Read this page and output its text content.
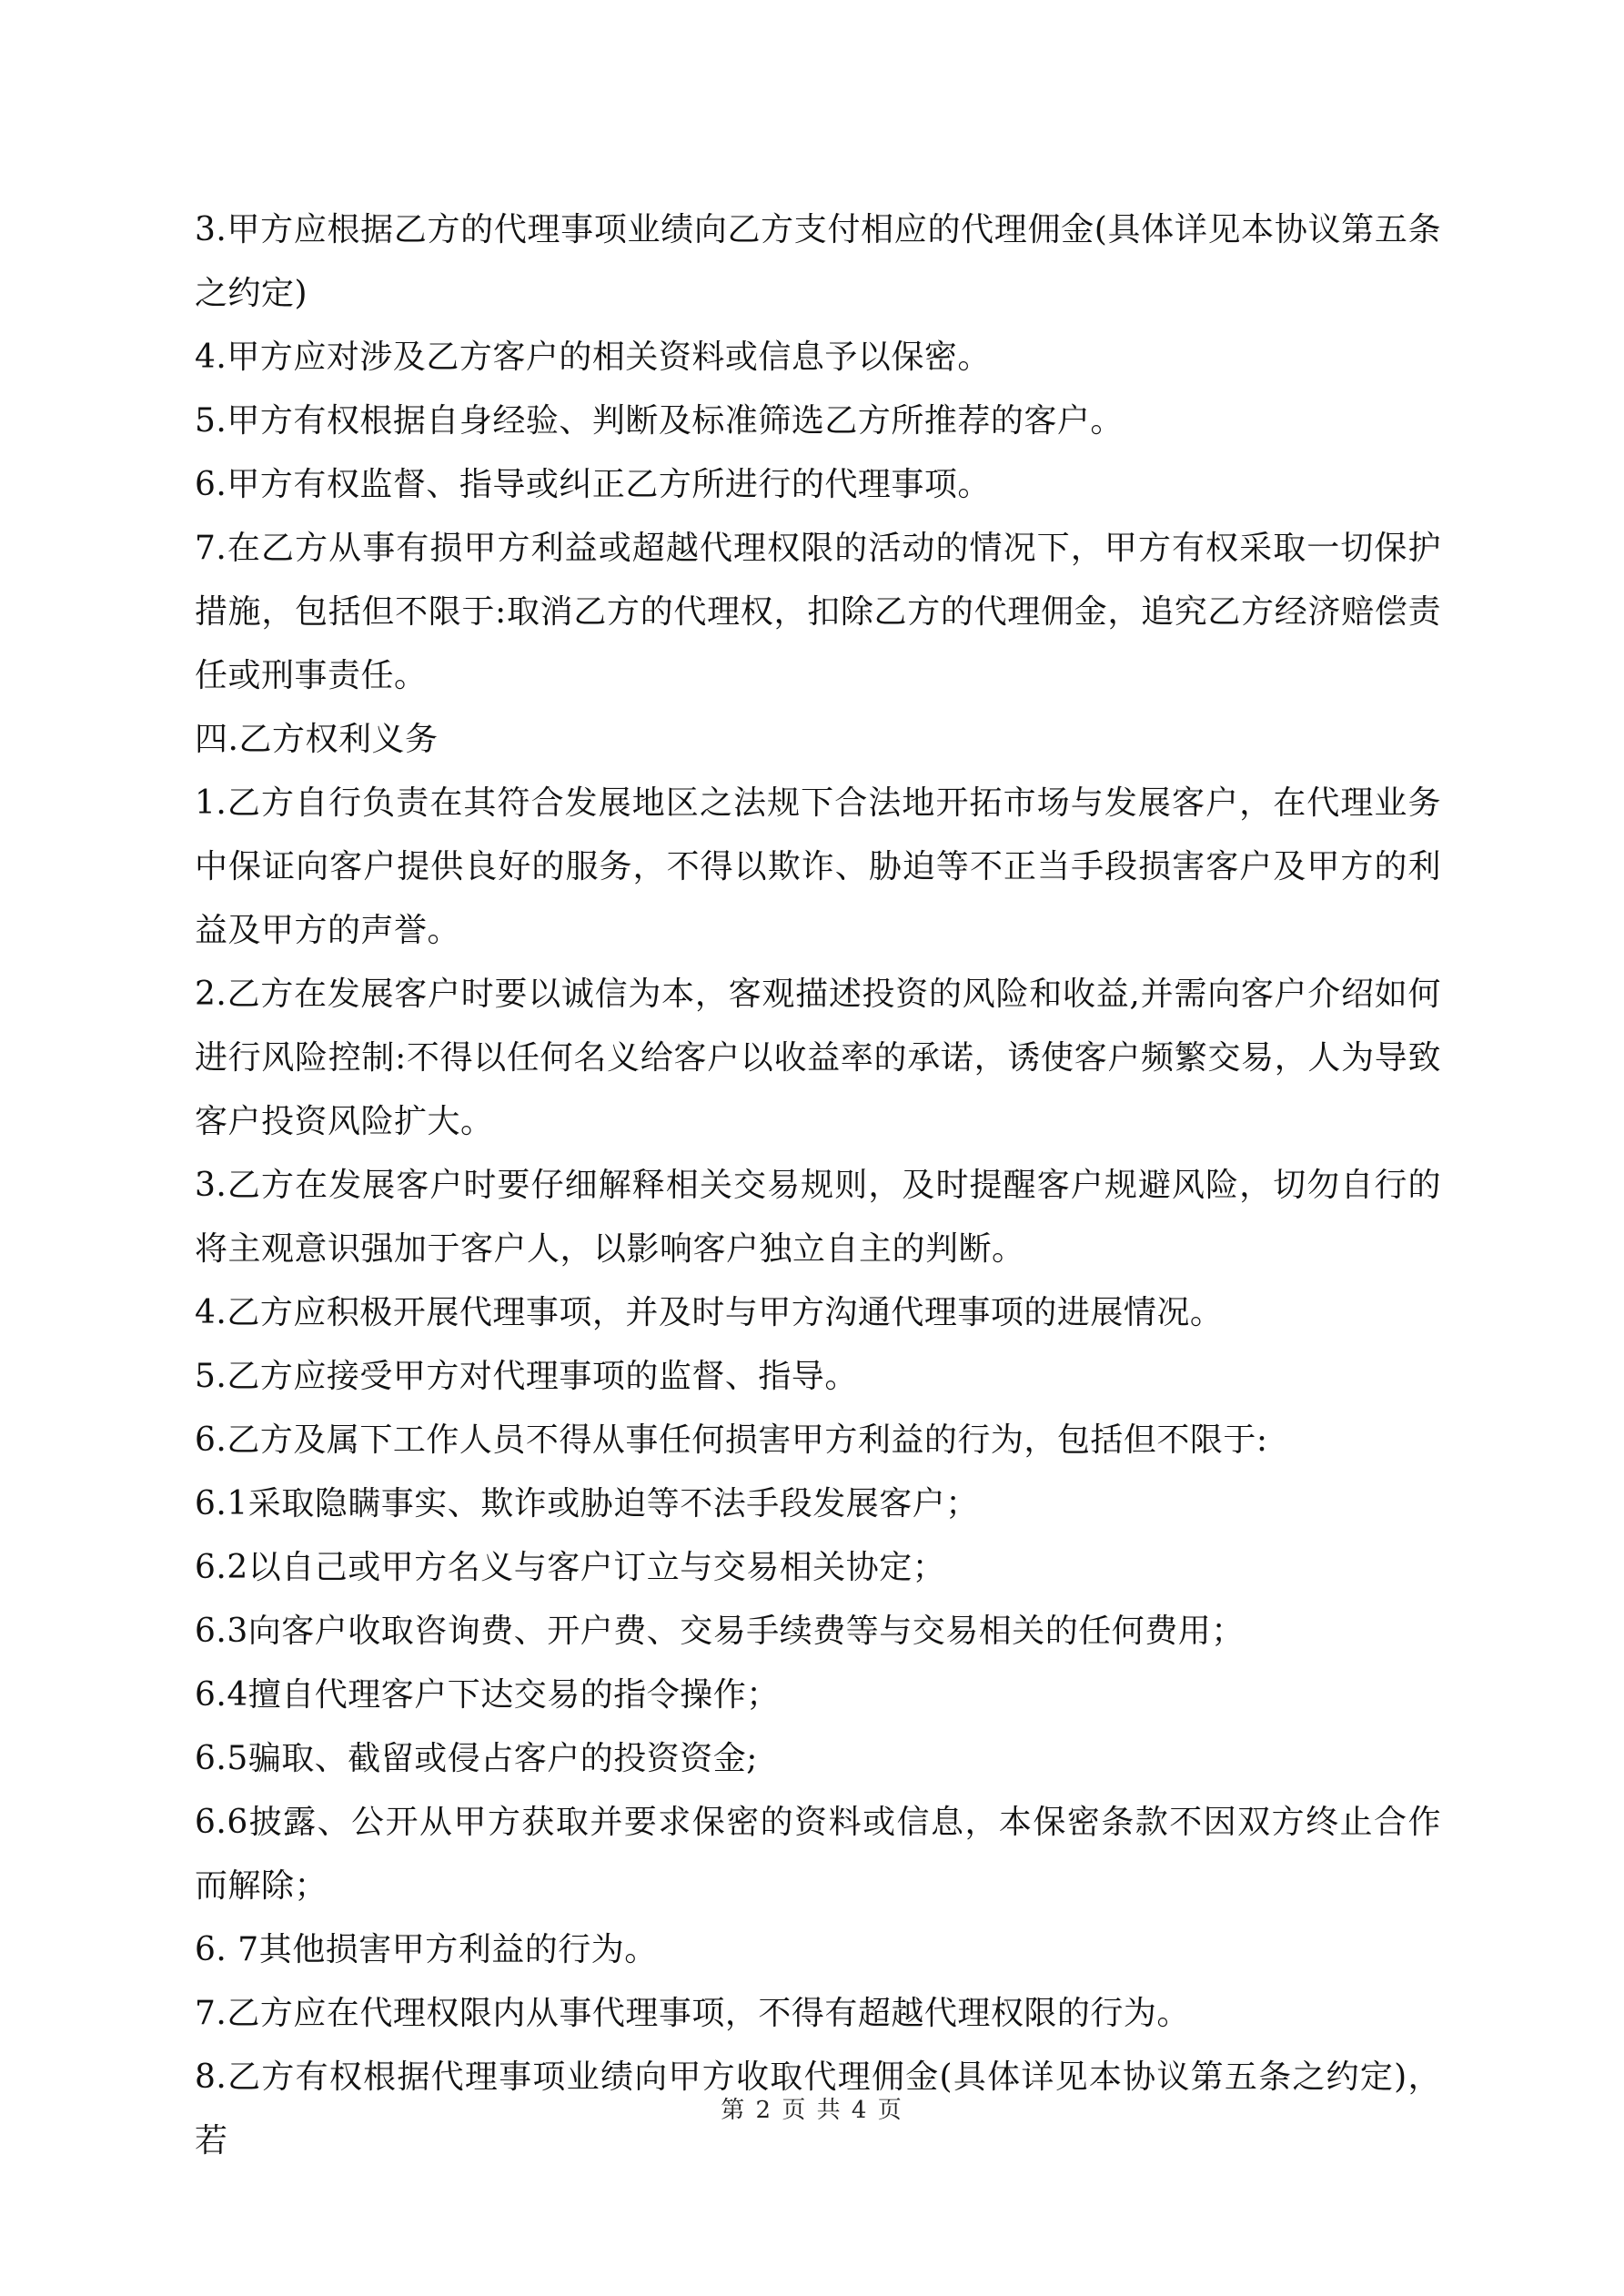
3.甲方应根据乙方的代理事项业绩向乙方支付相应的代理佣金(具体详见本协议第五条之约定)

4.甲方应对涉及乙方客户的相关资料或信息予以保密。

5.甲方有权根据自身经验、判断及标准筛选乙方所推荐的客户。

6.甲方有权监督、指导或纠正乙方所进行的代理事项。

7.在乙方从事有损甲方利益或超越代理权限的活动的情况下，甲方有权采取一切保护措施，包括但不限于:取消乙方的代理权，扣除乙方的代理佣金，追究乙方经济赔偿责任或刑事责任。

四.乙方权利义务

1.乙方自行负责在其符合发展地区之法规下合法地开拓市场与发展客户，在代理业务中保证向客户提供良好的服务，不得以欺诈、胁迫等不正当手段损害客户及甲方的利益及甲方的声誉。

2.乙方在发展客户时要以诚信为本，客观描述投资的风险和收益,并需向客户介绍如何进行风险控制:不得以任何名义给客户以收益率的承诺，诱使客户频繁交易，人为导致客户投资风险扩大。

3.乙方在发展客户时要仔细解释相关交易规则，及时提醒客户规避风险，切勿自行的将主观意识强加于客户人，以影响客户独立自主的判断。

4.乙方应积极开展代理事项，并及时与甲方沟通代理事项的进展情况。

5.乙方应接受甲方对代理事项的监督、指导。

6.乙方及属下工作人员不得从事任何损害甲方利益的行为，包括但不限于:

6.1采取隐瞒事实、欺诈或胁迫等不法手段发展客户；

6.2以自己或甲方名义与客户订立与交易相关协定；

6.3向客户收取咨询费、开户费、交易手续费等与交易相关的任何费用；

6.4擅自代理客户下达交易的指令操作；

6.5骗取、截留或侵占客户的投资资金;

6.6披露、公开从甲方获取并要求保密的资料或信息，本保密条款不因双方终止合作而解除；

6. 7其他损害甲方利益的行为。

7.乙方应在代理权限内从事代理事项，不得有超越代理权限的行为。

8.乙方有权根据代理事项业绩向甲方收取代理佣金(具体详见本协议第五条之约定)，若

第 2 页 共 4 页
